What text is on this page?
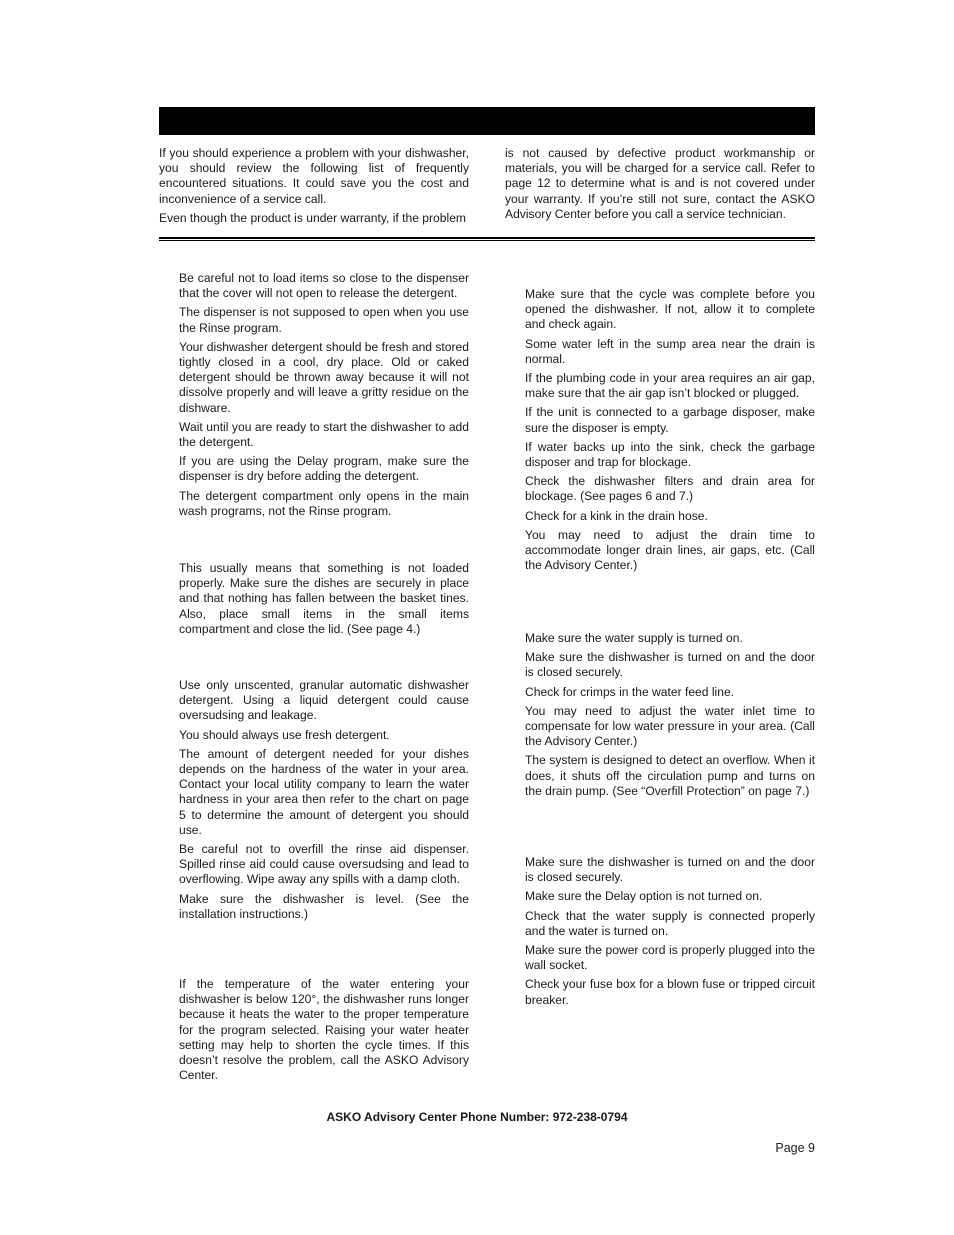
If you should experience a problem with your dishwasher, you should review the following list of frequently encountered situations. It could save you the cost and inconvenience of a service call.

Even though the product is under warranty, if the problem

is not caused by defective product workmanship or materials, you will be charged for a service call. Refer to page 12 to determine what is and is not covered under your warranty. If you’re still not sure, contact the ASKO Advisory Center before you call a service technician.

Be careful not to load items so close to the dispenser that the cover will not open to release the detergent.

The dispenser is not supposed to open when you use the Rinse program.

Your dishwasher detergent should be fresh and stored tightly closed in a cool, dry place. Old or caked detergent should be thrown away because it will not dissolve properly and will leave a gritty residue on the dishware.

Wait until you are ready to start the dishwasher to add the detergent.

If you are using the Delay program, make sure the dispenser is dry before adding the detergent.

The detergent compartment only opens in the main wash programs, not the Rinse program.

This usually means that something is not loaded properly. Make sure the dishes are securely in place and that nothing has fallen between the basket tines. Also, place small items in the small items compartment and close the lid. (See page 4.)

Use only unscented, granular automatic dishwasher detergent. Using a liquid detergent could cause oversudsing and leakage.

You should always use fresh detergent.

The amount of detergent needed for your dishes depends on the hardness of the water in your area. Contact your local utility company to learn the water hardness in your area then refer to the chart on page 5 to determine the amount of detergent you should use.

Be careful not to overfill the rinse aid dispenser. Spilled rinse aid could cause oversudsing and lead to overflowing. Wipe away any spills with a damp cloth.

Make sure the dishwasher is level. (See the installation instructions.)

If the temperature of the water entering your dishwasher is below 120°, the dishwasher runs longer because it heats the water to the proper temperature for the program selected. Raising your water heater setting may help to shorten the cycle times. If this doesn’t resolve the problem, call the ASKO Advisory Center.

Make sure that the cycle was complete before you opened the dishwasher. If not, allow it to complete and check again.

Some water left in the sump area near the drain is normal.

If the plumbing code in your area requires an air gap, make sure that the air gap isn’t blocked or plugged.

If the unit is connected to a garbage disposer, make sure the disposer is empty.

If water backs up into the sink, check the garbage disposer and trap for blockage.

Check the dishwasher filters and drain area for blockage. (See pages 6 and 7.)

Check for a kink in the drain hose.

You may need to adjust the drain time to accommodate longer drain lines, air gaps, etc. (Call the Advisory Center.)

Make sure the water supply is turned on.

Make sure the dishwasher is turned on and the door is closed securely.

Check for crimps in the water feed line.

You may need to adjust the water inlet time to compensate for low water pressure in your area. (Call the Advisory Center.)

The system is designed to detect an overflow. When it does, it shuts off the circulation pump and turns on the drain pump. (See “Overfill Protection” on page 7.)

Make sure the dishwasher is turned on and the door is closed securely.

Make sure the Delay option is not turned on.

Check that the water supply is connected properly and the water is turned on.

Make sure the power cord is properly plugged into the wall socket.

Check your fuse box for a blown fuse or tripped circuit breaker.

ASKO Advisory Center Phone Number: 972-238-0794
Page 9
